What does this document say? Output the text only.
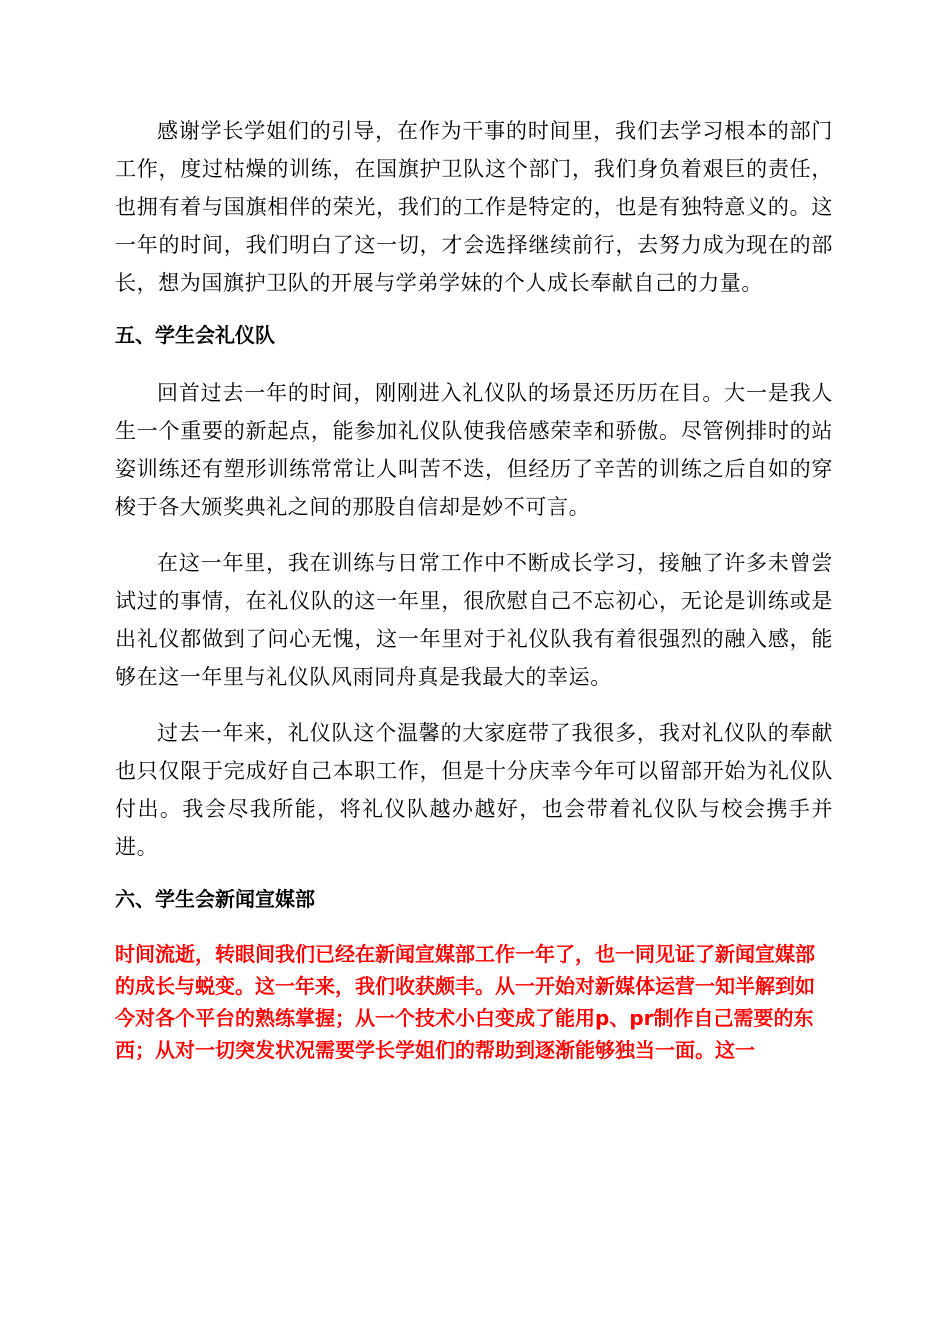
感谢学长学姐们的引导，在作为干事的时间里，我们去学习根本的部门工作，度过枯燥的训练，在国旗护卫队这个部门，我们身负着艰巨的责任，也拥有着与国旗相伴的荣光，我们的工作是特定的，也是有独特意义的。这一年的时间，我们明白了这一切，才会选择继续前行，去努力成为现在的部长，想为国旗护卫队的开展与学弟学妹的个人成长奉献自己的力量。

五、学生会礼仪队

回首过去一年的时间，刚刚进入礼仪队的场景还历历在目。大一是我人生一个重要的新起点，能参加礼仪队使我倍感荣幸和骄傲。尽管例排时的站姿训练还有塑形训练常常让人叫苦不迭，但经历了辛苦的训练之后自如的穿梭于各大颁奖典礼之间的那股自信却是妙不可言。

在这一年里，我在训练与日常工作中不断成长学习，接触了许多未曾尝试过的事情，在礼仪队的这一年里，很欣慰自己不忘初心，无论是训练或是出礼仪都做到了问心无愧，这一年里对于礼仪队我有着很强烈的融入感，能够在这一年里与礼仪队风雨同舟真是我最大的幸运。

过去一年来，礼仪队这个温馨的大家庭带了我很多，我对礼仪队的奉献也只仅限于完成好自己本职工作，但是十分庆幸今年可以留部开始为礼仪队付出。我会尽我所能，将礼仪队越办越好，也会带着礼仪队与校会携手并进。

六、学生会新闻宣媒部

时间流逝，转眼间我们已经在新闻宣媒部工作一年了，也一同见证了新闻宣媒部的成长与蜕变。这一年来，我们收获颇丰。从一开始对新媒体运营一知半解到如今对各个平台的熟练掌握；从一个技术小白变成了能用p、pr制作自己需要的东西；从对一切突发状况需要学长学姐们的帮助到逐渐能够独当一面。这一
